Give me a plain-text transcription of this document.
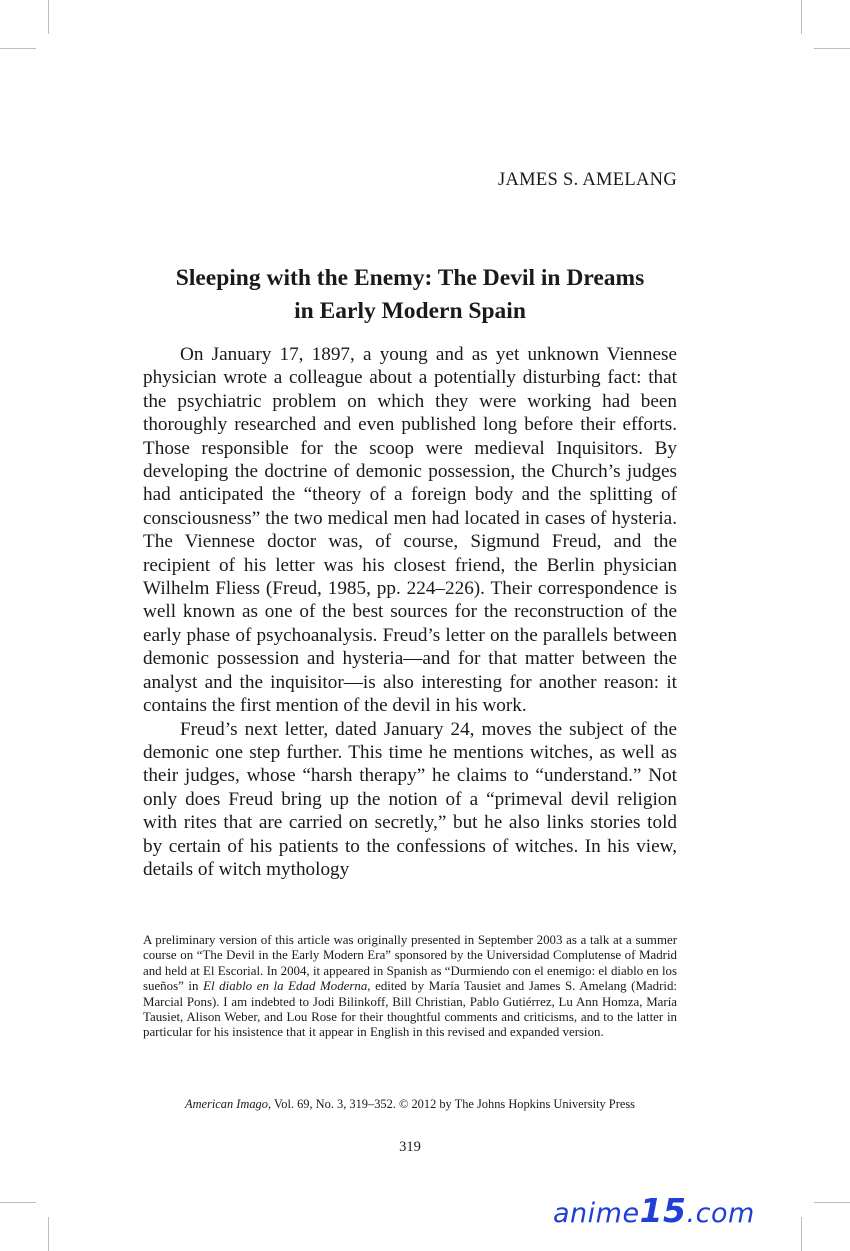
JAMES S. AMELANG
Sleeping with the Enemy: The Devil in Dreams
in Early Modern Spain

On January 17, 1897, a young and as yet unknown Viennese physician wrote a colleague about a potentially disturbing fact: that the psychiatric problem on which they were working had been thoroughly researched and even published long before their efforts. Those responsible for the scoop were medieval Inquisitors. By developing the doctrine of demonic possession, the Church’s judges had anticipated the “theory of a foreign body and the splitting of consciousness” the two medical men had located in cases of hysteria. The Viennese doctor was, of course, Sigmund Freud, and the recipient of his letter was his closest friend, the Berlin physician Wilhelm Fliess (Freud, 1985, pp. 224–226). Their correspondence is well known as one of the best sources for the reconstruction of the early phase of psychoanalysis. Freud’s letter on the parallels between demonic possession and hysteria—and for that matter between the analyst and the inquisitor—is also interesting for another reason: it contains the first mention of the devil in his work.

Freud’s next letter, dated January 24, moves the subject of the demonic one step further. This time he mentions witches, as well as their judges, whose “harsh therapy” he claims to “understand.” Not only does Freud bring up the notion of a “primeval devil religion with rites that are carried on secretly,” but he also links stories told by certain of his patients to the confessions of witches. In his view, details of witch mythology

A preliminary version of this article was originally presented in September 2003 as a talk at a summer course on “The Devil in the Early Modern Era” sponsored by the Universidad Complutense of Madrid and held at El Escorial. In 2004, it appeared in Spanish as “Durmiendo con el enemigo: el diablo en los sueños” in El diablo en la Edad Moderna, edited by María Tausiet and James S. Amelang (Madrid: Marcial Pons). I am indebted to Jodi Bilinkoff, Bill Christian, Pablo Gutiérrez, Lu Ann Homza, María Tausiet, Alison Weber, and Lou Rose for their thoughtful comments and criticisms, and to the latter in particular for his insistence that it appear in English in this revised and expanded version.

American Imago, Vol. 69, No. 3, 319–352. © 2012 by The Johns Hopkins University Press

319

anime15.com
